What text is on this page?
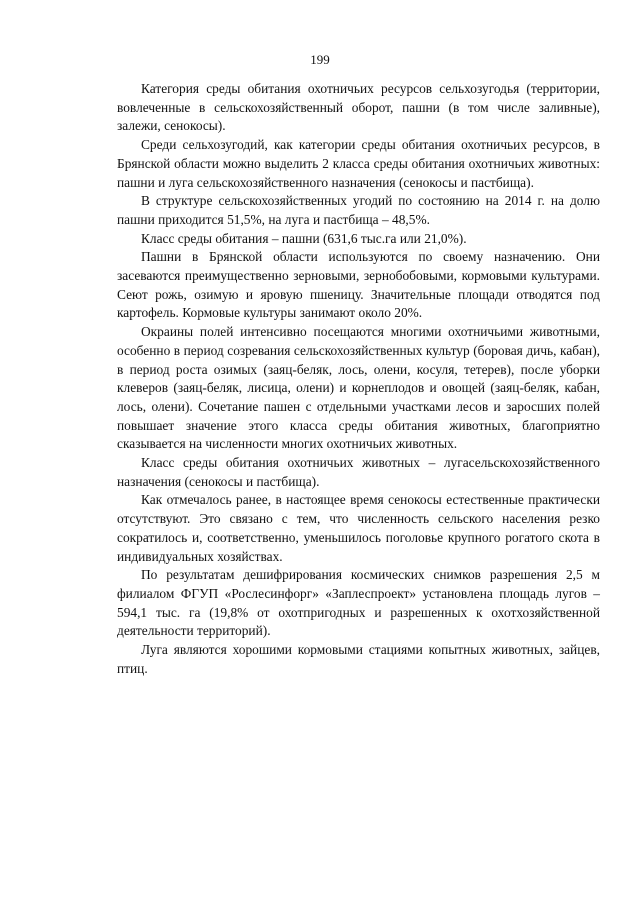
199

Категория среды обитания охотничьих ресурсов сельхозугодья (территории, вовлеченные в сельскохозяйственный оборот, пашни (в том числе заливные), залежи, сенокосы).

Среди сельхозугодий, как категории среды обитания охотничьих ресурсов, в Брянской области можно выделить 2 класса среды обитания охотничьих животных: пашни и луга сельскохозяйственного назначения (сенокосы и пастбища).

В структуре сельскохозяйственных угодий по состоянию на 2014 г. на долю пашни приходится 51,5%, на луга и пастбища – 48,5%.

Класс среды обитания – пашни (631,6 тыс.га или 21,0%).

Пашни в Брянской области используются по своему назначению. Они засеваются преимущественно зерновыми, зернобобовыми, кормовыми культурами. Сеют рожь, озимую и яровую пшеницу. Значительные площади отводятся под картофель. Кормовые культуры занимают около 20%.

Окраины полей интенсивно посещаются многими охотничьими животными, особенно в период созревания сельскохозяйственных культур (боровая дичь, кабан), в период роста озимых (заяц-беляк, лось, олени, косуля, тетерев), после уборки клеверов (заяц-беляк, лисица, олени) и корнеплодов и овощей (заяц-беляк, кабан, лось, олени). Сочетание пашен с отдельными участками лесов и заросших полей повышает значение этого класса среды обитания животных, благоприятно сказывается на численности многих охотничьих животных.

Класс среды обитания охотничьих животных – лугасельскохозяйственного назначения (сенокосы и пастбища).

Как отмечалось ранее, в настоящее время сенокосы естественные практически отсутствуют. Это связано с тем, что численность сельского населения резко сократилось и, соответственно, уменьшилось поголовье крупного рогатого скота в индивидуальных хозяйствах.

По результатам дешифрирования космических снимков разрешения 2,5 м филиалом ФГУП «Рослесинфорг» «Заплеспроект» установлена площадь лугов – 594,1 тыс. га (19,8% от охотпригодных и разрешенных к охотхозяйственной деятельности территорий).

Луга являются хорошими кормовыми стациями копытных животных, зайцев, птиц.
